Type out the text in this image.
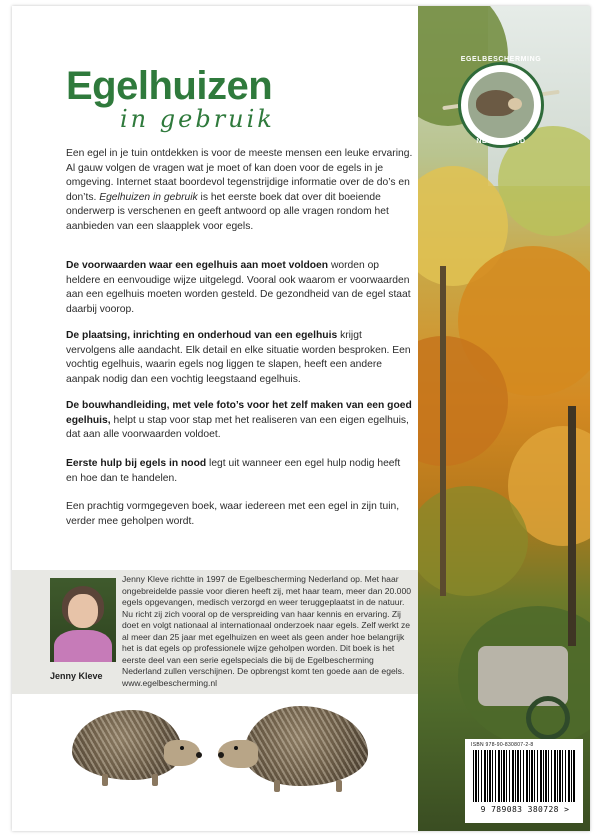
EGELBESCHERMING
NEDERLAND
Egelhuizen
in gebruik
Een egel in je tuin ontdekken is voor de meeste mensen een leuke ervaring. Al gauw volgen de vragen wat je moet of kan doen voor de egels in je omgeving. Internet staat boordevol tegenstrijdige informatie over de do’s en don’ts. Egelhuizen in gebruik is het eerste boek dat over dit boeiende onderwerp is verschenen en geeft antwoord op alle vragen rondom het aanbieden van een slaapplek voor egels.
De voorwaarden waar een egelhuis aan moet voldoen worden op heldere en eenvoudige wijze uitgelegd. Vooral ook waarom er voorwaarden aan een egelhuis moeten worden gesteld. De gezondheid van de egel staat daarbij voorop.
De plaatsing, inrichting en onderhoud van een egelhuis krijgt vervolgens alle aandacht. Elk detail en elke situatie worden besproken. Een vochtig egelhuis, waarin egels nog liggen te slapen, heeft een andere aanpak nodig dan een vochtig leegstaand egelhuis.
De bouwhandleiding, met vele foto’s voor het zelf maken van een goed egelhuis, helpt u stap voor stap met het realiseren van een eigen egelhuis, dat aan alle voorwaarden voldoet.
Eerste hulp bij egels in nood legt uit wanneer een egel hulp nodig heeft en hoe dan te handelen.
Een prachtig vormgegeven boek, waar iedereen met een egel in zijn tuin, verder mee geholpen wordt.
Jenny Kleve
Jenny Kleve richtte in 1997 de Egelbescherming Nederland op. Met haar ongebreidelde passie voor dieren heeft zij, met haar team, meer dan 20.000 egels opgevangen, medisch verzorgd en weer teruggeplaatst in de natuur. Nu richt zij zich vooral op de verspreiding van haar kennis en ervaring. Zij doet en volgt nationaal al internationaal onderzoek naar egels. Zelf werkt ze al meer dan 25 jaar met egelhuizen en weet als geen ander hoe belangrijk het is dat egels op professionele wijze geholpen worden. Dit boek is het eerste deel van een serie egelspecials die bij de Egelbescherming Nederland zullen verschijnen. De opbrengst komt ten goede aan de egels.
www.egelbescherming.nl
ISBN 978-90-830807-2-8
9 789083 380728 >
